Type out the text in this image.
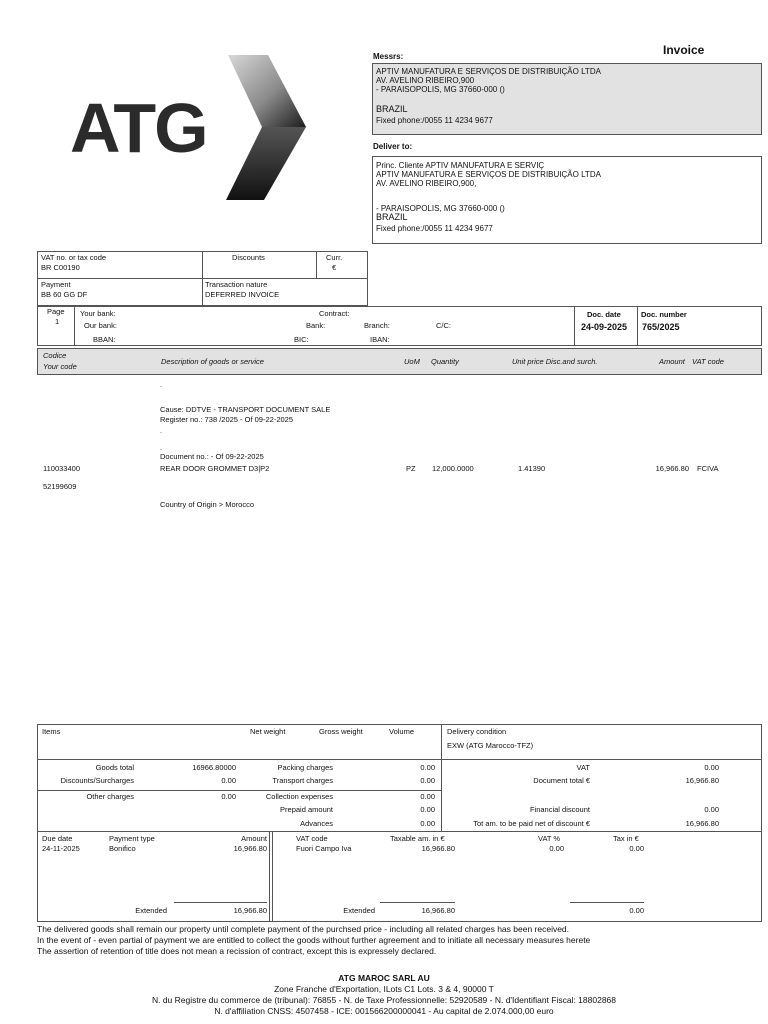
Invoice
ATG
Messrs:
APTIV MANUFATURA E SERVIÇOS DE DISTRIBUIÇÃO LTDA
AV. AVELINO RIBEIRO,900
- PARAISOPOLIS, MG 37660-000 ()
BRAZIL
Fixed phone:/0055 11 4234 9677
Deliver to:
Princ. Cliente APTIV MANUFATURA E SERVIÇ
APTIV MANUFATURA E SERVIÇOS DE DISTRIBUIÇÃO LTDA
AV. AVELINO RIBEIRO,900,
- PARAISOPOLIS, MG 37660-000 ()
BRAZIL
Fixed phone:/0055 11 4234 9677
VAT no. or tax code
BR C00190
Discounts	Curr.
€
Payment
BB 60 GG DF
Transaction nature
DEFERRED INVOICE
Page
1
Your bank:
Our bank:
BBAN:
Contract:
Bank:
BIC:
Branch:
IBAN:
C/C:
Doc. date
24-09-2025
Doc. number
765/2025
Codice
Your code
Description of goods or service	UoM Quantity	Unit price Disc.and surch.	Amount VAT code
.
Cause: DDTVE - TRANSPORT DOCUMENT SALE
Register no.: 738 /2025 - Of 09-22-2025
.
.
Document no.: - Of 09-22-2025
110033400	REAR DOOR GROMMET D3|P2	PZ 12,000.0000	1.41390	16,966.80 FCIVA
52199609
Country of Origin > Morocco
Items	Net weight	Gross weight	Volume	Delivery condition
EXW (ATG Marocco-TFZ)
Goods total	16966.80000
Discounts/Surcharges	0.00
Other charges	0.00
Packing charges	0.00
Transport charges	0.00
Collection expenses	0.00
Prepaid amount	0.00
Advances	0.00
VAT	0.00
Document total €	16,966.80
Financial discount	0.00
Tot am. to be paid net of discount €	16,966.80
Due date	Payment type	Amount
24-11-2025	Bonifico	16,966.80
Extended	16,966.80
VAT code	Taxable am. in €	VAT %	Tax in €
Fuori Campo Iva	16,966.80	0.00	0.00
Extended	16,966.80	0.00
The delivered goods shall remain our property until complete payment of the purchsed price - including all related charges has been received.
In the event of - even partial of payment we are entitled to collect the goods without further agreement and to initiate all necessary measures herete
The assertion of retention of title does not mean a recission of contract, except this is expressely declared.
ATG MAROC SARL AU
Zone Franche d'Exportation, ILots C1 Lots. 3 & 4, 90000 T
N. du Registre du commerce de (tribunal): 76855 - N. de Taxe Professionnelle: 52920589 - N. d'Identifiant Fiscal: 18802868
N. d'affiliation CNSS: 4507458 - ICE: 001566200000041 - Au capital de 2.074.000,00 euro
